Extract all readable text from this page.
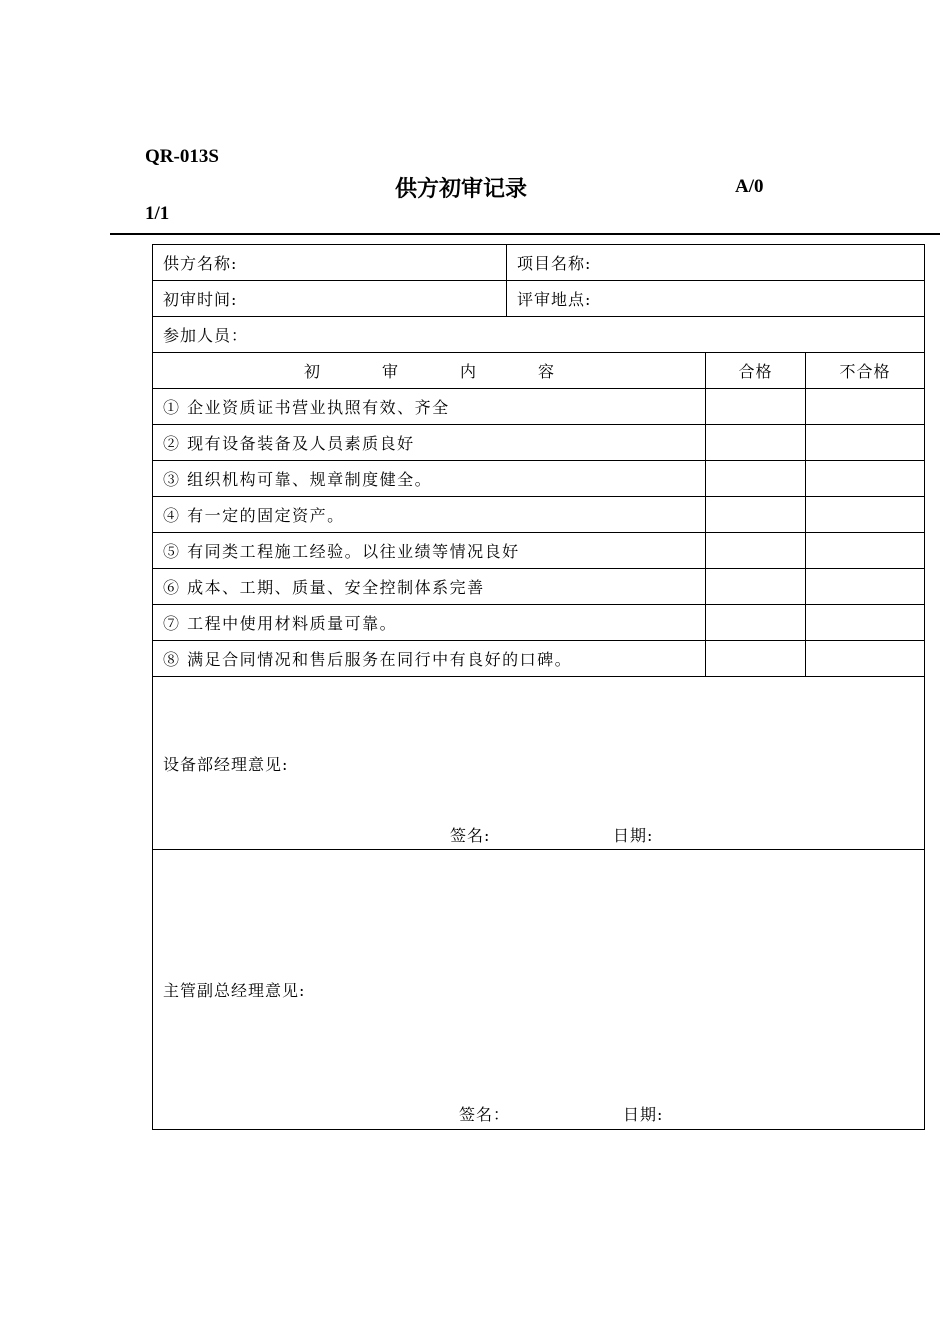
QR-013S
供方初审记录	A/0
1/1
供方名称:	项目名称:		
初审时间:	评审地点:		
参加人员：			
初 审 内 容		合格	不合格
① 企业资质证书营业执照有效、齐全			
② 现有设备装备及人员素质良好			
③ 组织机构可靠、规章制度健全。			
④ 有一定的固定资产。			
⑤ 有同类工程施工经验。以往业绩等情况良好			
⑥ 成本、工期、质量、安全控制体系完善			
⑦ 工程中使用材料质量可靠。			
⑧ 满足合同情况和售后服务在同行中有良好的口碑。			

设备部经理意见:
签名: 日期:			

主管副总经理意见:
签名： 日期:			
